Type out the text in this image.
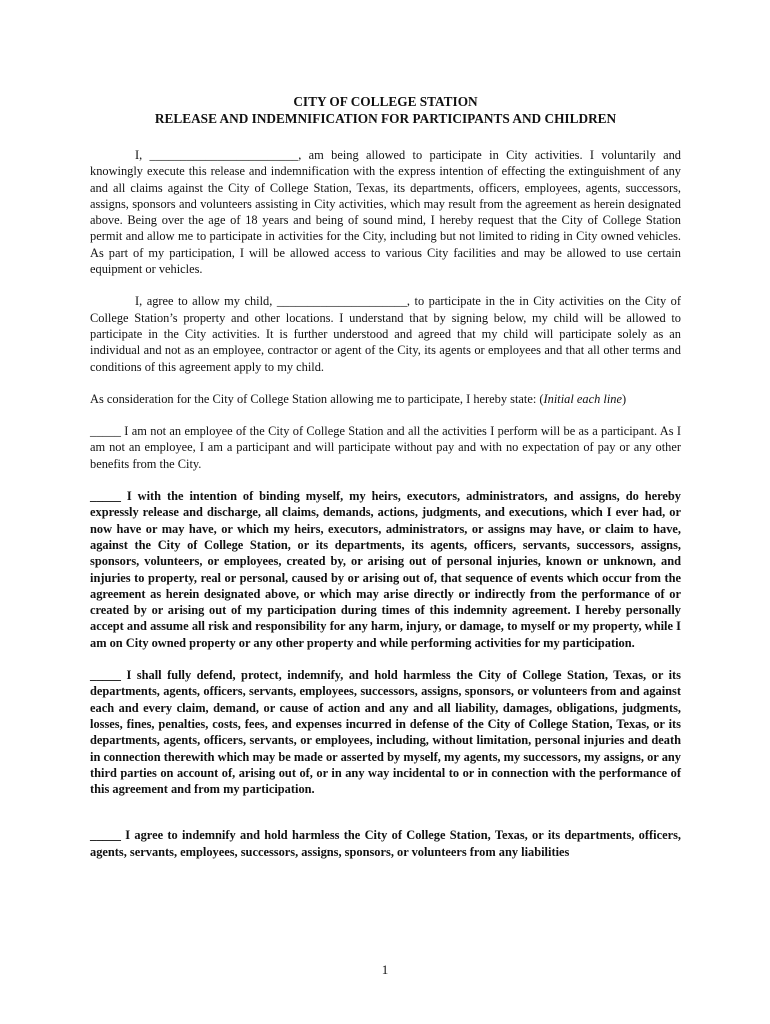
CITY OF COLLEGE STATION

RELEASE AND INDEMNIFICATION FOR PARTICIPANTS AND CHILDREN

I, ________________________, am being allowed to participate in City activities. I voluntarily and knowingly execute this release and indemnification with the express intention of effecting the extinguishment of any and all claims against the City of College Station, Texas, its departments, officers, employees, agents, successors, assigns, sponsors and volunteers assisting in City activities, which may result from the agreement as herein designated above. Being over the age of 18 years and being of sound mind, I hereby request that the City of College Station permit and allow me to participate in activities for the City, including but not limited to riding in City owned vehicles. As part of my participation, I will be allowed access to various City facilities and may be allowed to use certain equipment or vehicles.

I, agree to allow my child, _____________________, to participate in the in City activities on the City of College Station’s property and other locations. I understand that by signing below, my child will be allowed to participate in the City activities. It is further understood and agreed that my child will participate solely as an individual and not as an employee, contractor or agent of the City, its agents or employees and that all other terms and conditions of this agreement apply to my child.

As consideration for the City of College Station allowing me to participate, I hereby state: (Initial each line)

_____ I am not an employee of the City of College Station and all the activities I perform will be as a participant. As I am not an employee, I am a participant and will participate without pay and with no expectation of pay or any other benefits from the City.

_____ I with the intention of binding myself, my heirs, executors, administrators, and assigns, do hereby expressly release and discharge, all claims, demands, actions, judgments, and executions, which I ever had, or now have or may have, or which my heirs, executors, administrators, or assigns may have, or claim to have, against the City of College Station, or its departments, its agents, officers, servants, successors, assigns, sponsors, volunteers, or employees, created by, or arising out of personal injuries, known or unknown, and injuries to property, real or personal, caused by or arising out of, that sequence of events which occur from the agreement as herein designated above, or which may arise directly or indirectly from the performance of or created by or arising out of my participation during times of this indemnity agreement. I hereby personally accept and assume all risk and responsibility for any harm, injury, or damage, to myself or my property, while I am on City owned property or any other property and while performing activities for my participation.

_____ I shall fully defend, protect, indemnify, and hold harmless the City of College Station, Texas, or its departments, agents, officers, servants, employees, successors, assigns, sponsors, or volunteers from and against each and every claim, demand, or cause of action and any and all liability, damages, obligations, judgments, losses, fines, penalties, costs, fees, and expenses incurred in defense of the City of College Station, Texas, or its departments, agents, officers, servants, or employees, including, without limitation, personal injuries and death in connection therewith which may be made or asserted by myself, my agents, my successors, my assigns, or any third parties on account of, arising out of, or in any way incidental to or in connection with the performance of this agreement and from my participation.

_____ I agree to indemnify and hold harmless the City of College Station, Texas, or its departments, officers, agents, servants, employees, successors, assigns, sponsors, or volunteers from any liabilities

1
